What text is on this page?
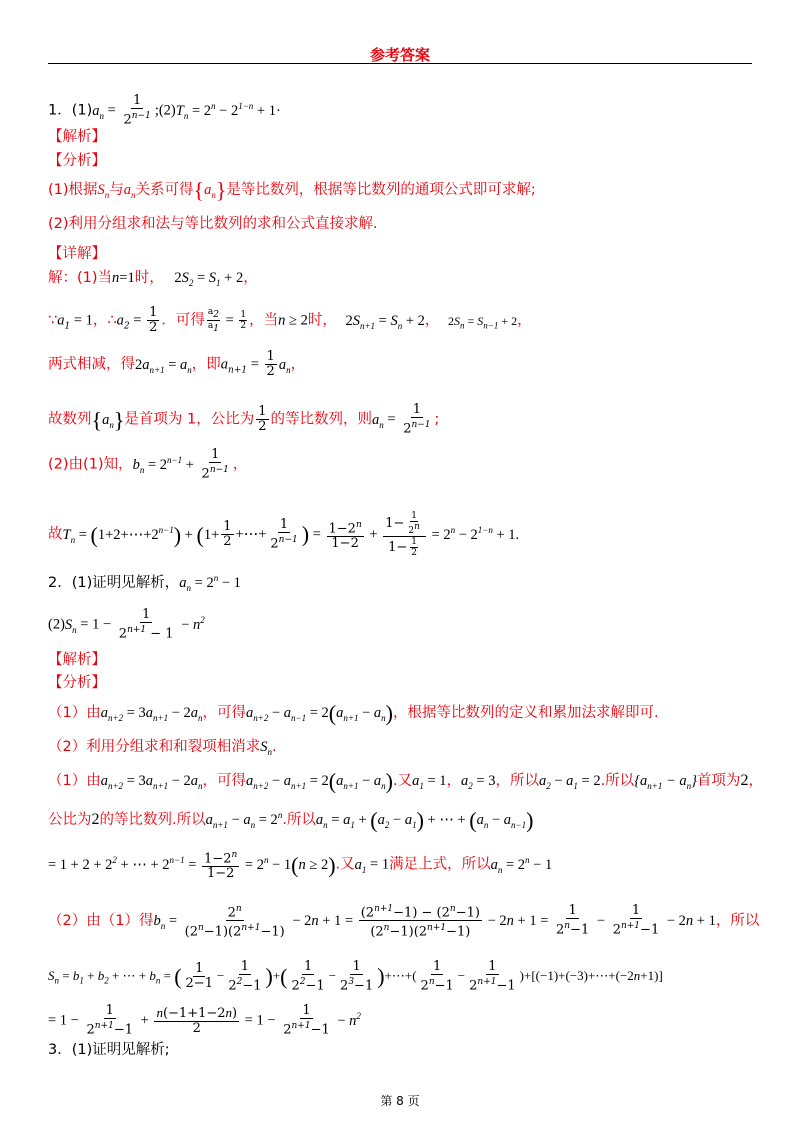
参考答案
1．$(1)a_n = \frac{1}{2^{n-1}}$ $;(2)T_n = 2^n - 2^{1-n} + 1\cdot$
【解析】
【分析】
(1)根据$S_n$与$a_n$关系可得$\{a_n\}$是等比数列，根据等比数列的通项公式即可求解;
(2)利用分组求和法与等比数列的求和公式直接求解.
【详解】
解：(1)当n=1时， $2S_2 = S_1 + 2$，
$\because a_1 = 1$，$\therefore a_2 = \frac{1}{2}$ ．可得 $\frac{a_2}{a_1} = \frac{1}{2}$ ，当n ≥ 2时， $2S_{n+1} = S_n + 2$， $2S_n = S_{n-1} + 2$，
两式相减，得$2a_{n+1} = a_n$，即$a_{n+1} = \frac{1}{2} a_n$，
故数列$\{a_n\}$是首项为 1，公比为 $\frac{1}{2}$ 的等比数列，则$a_n = \frac{1}{2^{n-1}}$ ;
(2)由(1)知，$b_n = 2^{n-1} + \frac{1}{2^{n-1}}$ ，
故$T_n$ = $(1+2+\cdots+2^{n-1}) + (1+ \frac{1}{2}$ +⋯+ $\frac{1}{2^{n-1}}$ ) = $\frac{1-2^n}{1-2} + \frac{1- \frac{1}{2^n}}{1- \frac{1}{2}} = 2^n - 2^{1-n} + 1$.
2．(1)证明见解析，$a_n = 2^n - 1$
$(2)S_n = 1 - \frac{1}{2^{n+1} - 1} - n^2$
【解析】
【分析】
（1）由$a_{n+2} = 3a_{n+1} - 2a_n$，可得$a_{n+2} - a_{n-1} = 2(a_{n+1} - a_n)$，根据等比数列的定义和累加法求解即可.
（2）利用分组求和和裂项相消求$S_n$.
（1）由$a_{n+2} = 3a_{n+1} - 2a_n$，可得$a_{n+2} - a_{n+1} = 2(a_{n+1} - a_n)$.又$a_1 = 1$，$a_2 = 3$，所以$a_2 - a_1 = 2$.所以$\{a_{n+1} - a_n\}$首项为2，
公比为2的等比数列.所以$a_{n+1} - a_n = 2^n$.所以$a_n = a_1 + (a_2 - a_1)$ + ⋯ + $(a_n - a_{n-1})$
= $1 + 2 + 2^2$ + ⋯ + $2^{n-1} = \frac{1-2^n}{1-2} = 2^n - 1(n \ge 2)$.又$a_1 = 1$满足上式，所以$a_n = 2^n - 1$
（2）由（1）得$b_n = \frac{2^n}{(2^n-1)(2^{n+1}-1)} - 2n + 1 = \frac{(2^{n+1}-1) - (2^n-1)}{(2^n-1)(2^{n+1}-1)} - 2n + 1 = \frac{1}{2^n-1} - \frac{1}{2^{n+1}-1} - 2n + 1$，所以
$S_n = b_1 + b_2$ + ⋯ + $b_n$ = ( $\frac{1}{2-1} - \frac{1}{2^2-1}$ )+( $\frac{1}{2^2-1} - \frac{1}{2^3-1}$ )+⋯+( $\frac{1}{2^n-1} - \frac{1}{2^{n+1}-1}$ )+[(−1)+(−3)+⋯+(−2n+1)]
= $1 - \frac{1}{2^{n+1}-1} + \frac{n(-1+1-2n)}{2} = 1 - \frac{1}{2^{n+1}-1} - n^2$
3．(1)证明见解析;
第 8 页
